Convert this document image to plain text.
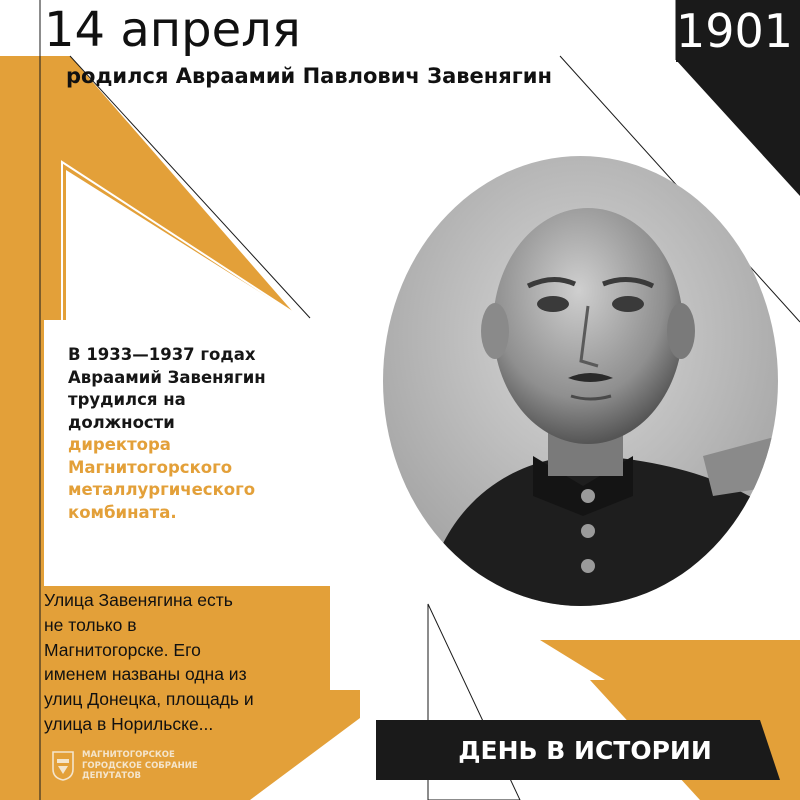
14 апреля
родился Авраамий Павлович Завенягин
1901
В 1933—1937 годах
Авраамий Завенягин
трудился на
должности
директора
Магнитогорского
металлургического
комбината.
Улица Завенягина есть
не только в
Магнитогорске. Его
именем названы одна из
улиц Донецка, площадь и
улица в Норильске...
ДЕНЬ В ИСТОРИИ
МАГНИТОГОРСКОЕ
ГОРОДСКОЕ СОБРАНИЕ
ДЕПУТАТОВ
